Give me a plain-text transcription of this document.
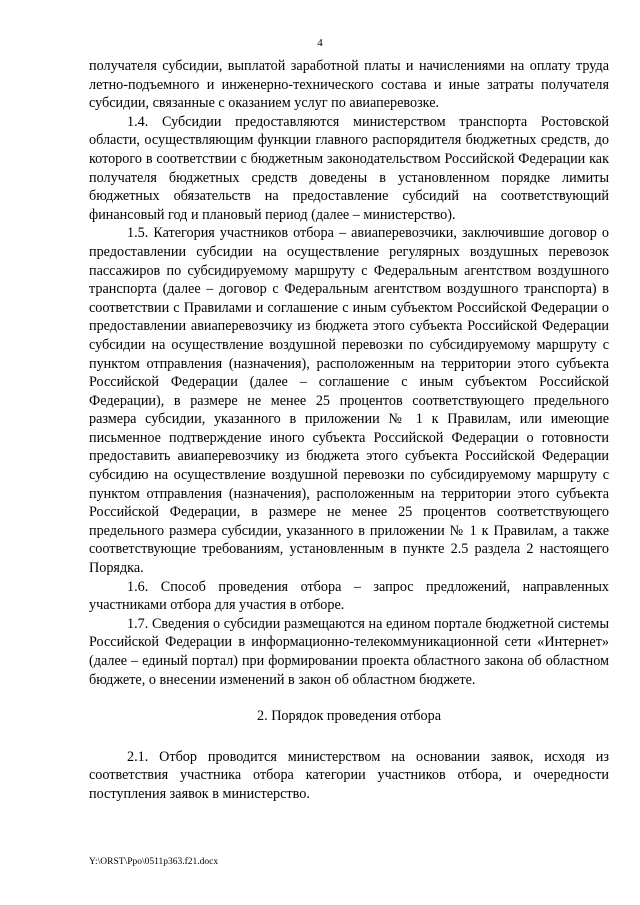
4

получателя субсидии, выплатой заработной платы и начислениями на оплату труда летно-подъемного и инженерно-технического состава и иные затраты получателя субсидии, связанные с оказанием услуг по авиаперевозке.

1.4. Субсидии предоставляются министерством транспорта Ростовской области, осуществляющим функции главного распорядителя бюджетных средств, до которого в соответствии с бюджетным законодательством Российской Федерации как получателя бюджетных средств доведены в установленном порядке лимиты бюджетных обязательств на предоставление субсидий на соответствующий финансовый год и плановый период (далее – министерство).

1.5. Категория участников отбора – авиаперевозчики, заключившие договор о предоставлении субсидии на осуществление регулярных воздушных перевозок пассажиров по субсидируемому маршруту с Федеральным агентством воздушного транспорта (далее – договор с Федеральным агентством воздушного транспорта) в соответствии с Правилами и соглашение с иным субъектом Российской Федерации о предоставлении авиаперевозчику из бюджета этого субъекта Российской Федерации субсидии на осуществление воздушной перевозки по субсидируемому маршруту с пунктом отправления (назначения), расположенным на территории этого субъекта Российской Федерации (далее – соглашение с иным субъектом Российской Федерации), в размере не менее 25 процентов соответствующего предельного размера субсидии, указанного в приложении № 1 к Правилам, или имеющие письменное подтверждение иного субъекта Российской Федерации о готовности предоставить авиаперевозчику из бюджета этого субъекта Российской Федерации субсидию на осуществление воздушной перевозки по субсидируемому маршруту с пунктом отправления (назначения), расположенным на территории этого субъекта Российской Федерации, в размере не менее 25 процентов соответствующего предельного размера субсидии, указанного в приложении № 1 к Правилам, а также соответствующие требованиям, установленным в пункте 2.5 раздела 2 настоящего Порядка.

1.6. Способ проведения отбора – запрос предложений, направленных участниками отбора для участия в отборе.

1.7. Сведения о субсидии размещаются на едином портале бюджетной системы Российской Федерации в информационно-телекоммуникационной сети «Интернет» (далее – единый портал) при формировании проекта областного закона об областном бюджете, о внесении изменений в закон об областном бюджете.

2. Порядок проведения отбора

2.1. Отбор проводится министерством на основании заявок, исходя из соответствия участника отбора категории участников отбора, и очередности поступления заявок в министерство.

Y:\ORST\Ppo\0511p363.f21.docx
